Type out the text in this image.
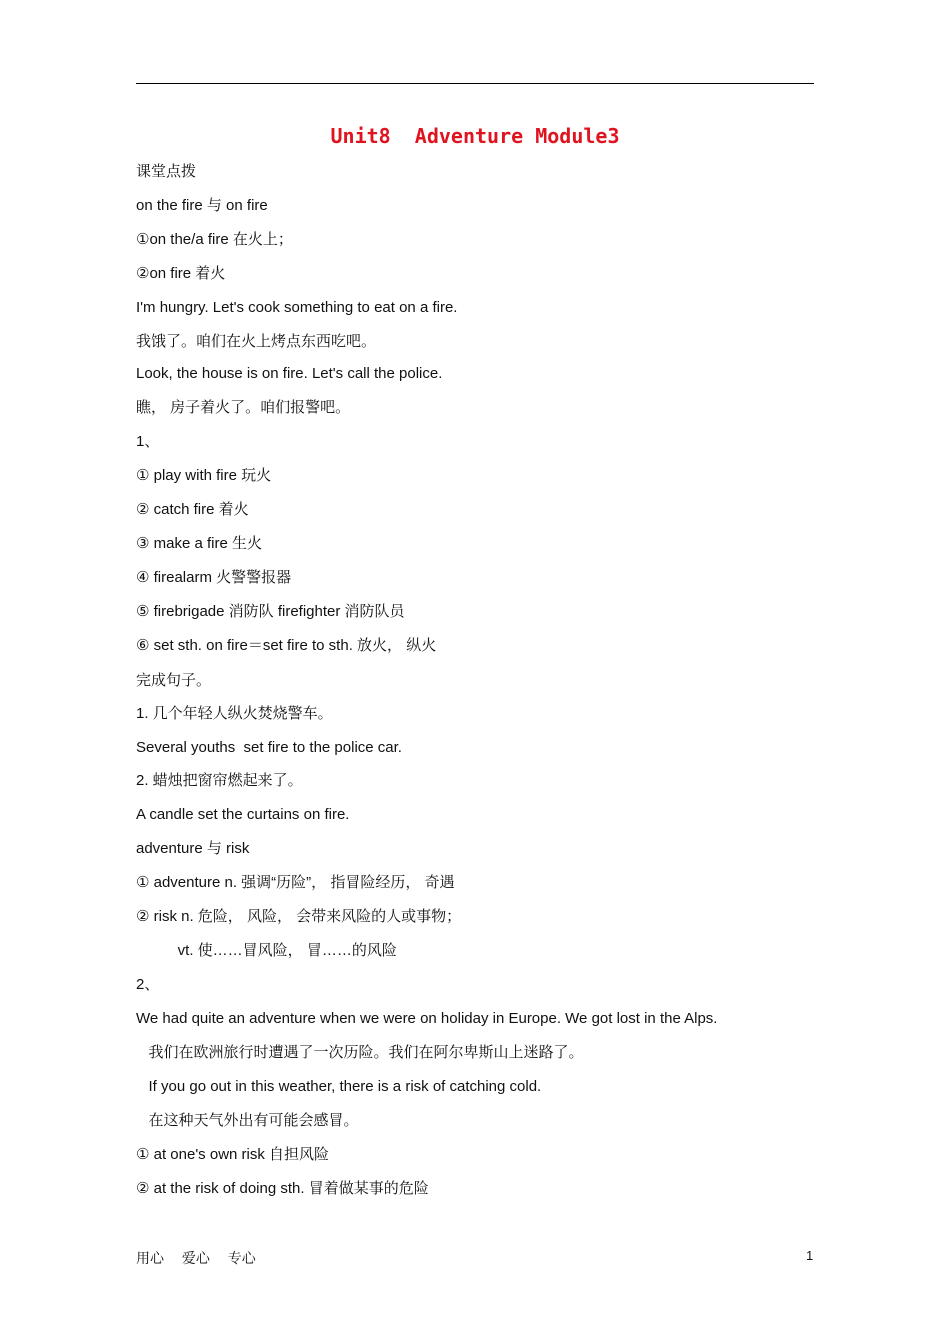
Unit8  Adventure Module3
课堂点拨
on the fire 与 on fire
①on the/a fire 在火上；
②on fire 着火
I'm hungry. Let's cook something to eat on a fire.
我饿了。咱们在火上烤点东西吃吧。
Look, the house is on fire. Let's call the police.
瞧， 房子着火了。咱们报警吧。
1、
① play with fire 玩火
② catch fire 着火
③ make a fire 生火
④ firealarm 火警警报器
⑤ firebrigade 消防队 firefighter 消防队员
⑥ set sth. on fire＝set fire to sth. 放火， 纵火
完成句子。
1. 几个年轻人纵火焚烧警车。
Several youths  set fire to the police car.
2. 蜡烛把窗帘燃起来了。
A candle set the curtains on fire.
adventure 与 risk
① adventure n. 强调“历险”， 指冒险经历， 奇遇
② risk n. 危险， 风险， 会带来风险的人或事物；
vt. 使……冒风险， 冒……的风险
2、
We had quite an adventure when we were on holiday in Europe. We got lost in the Alps.
我们在欧洲旅行时遭遇了一次历险。我们在阿尔卑斯山上迷路了。
If you go out in this weather, there is a risk of catching cold.
在这种天气外出有可能会感冒。
① at one's own risk 自担风险
② at the risk of doing sth. 冒着做某事的危险
用心 爱心 专心	1
